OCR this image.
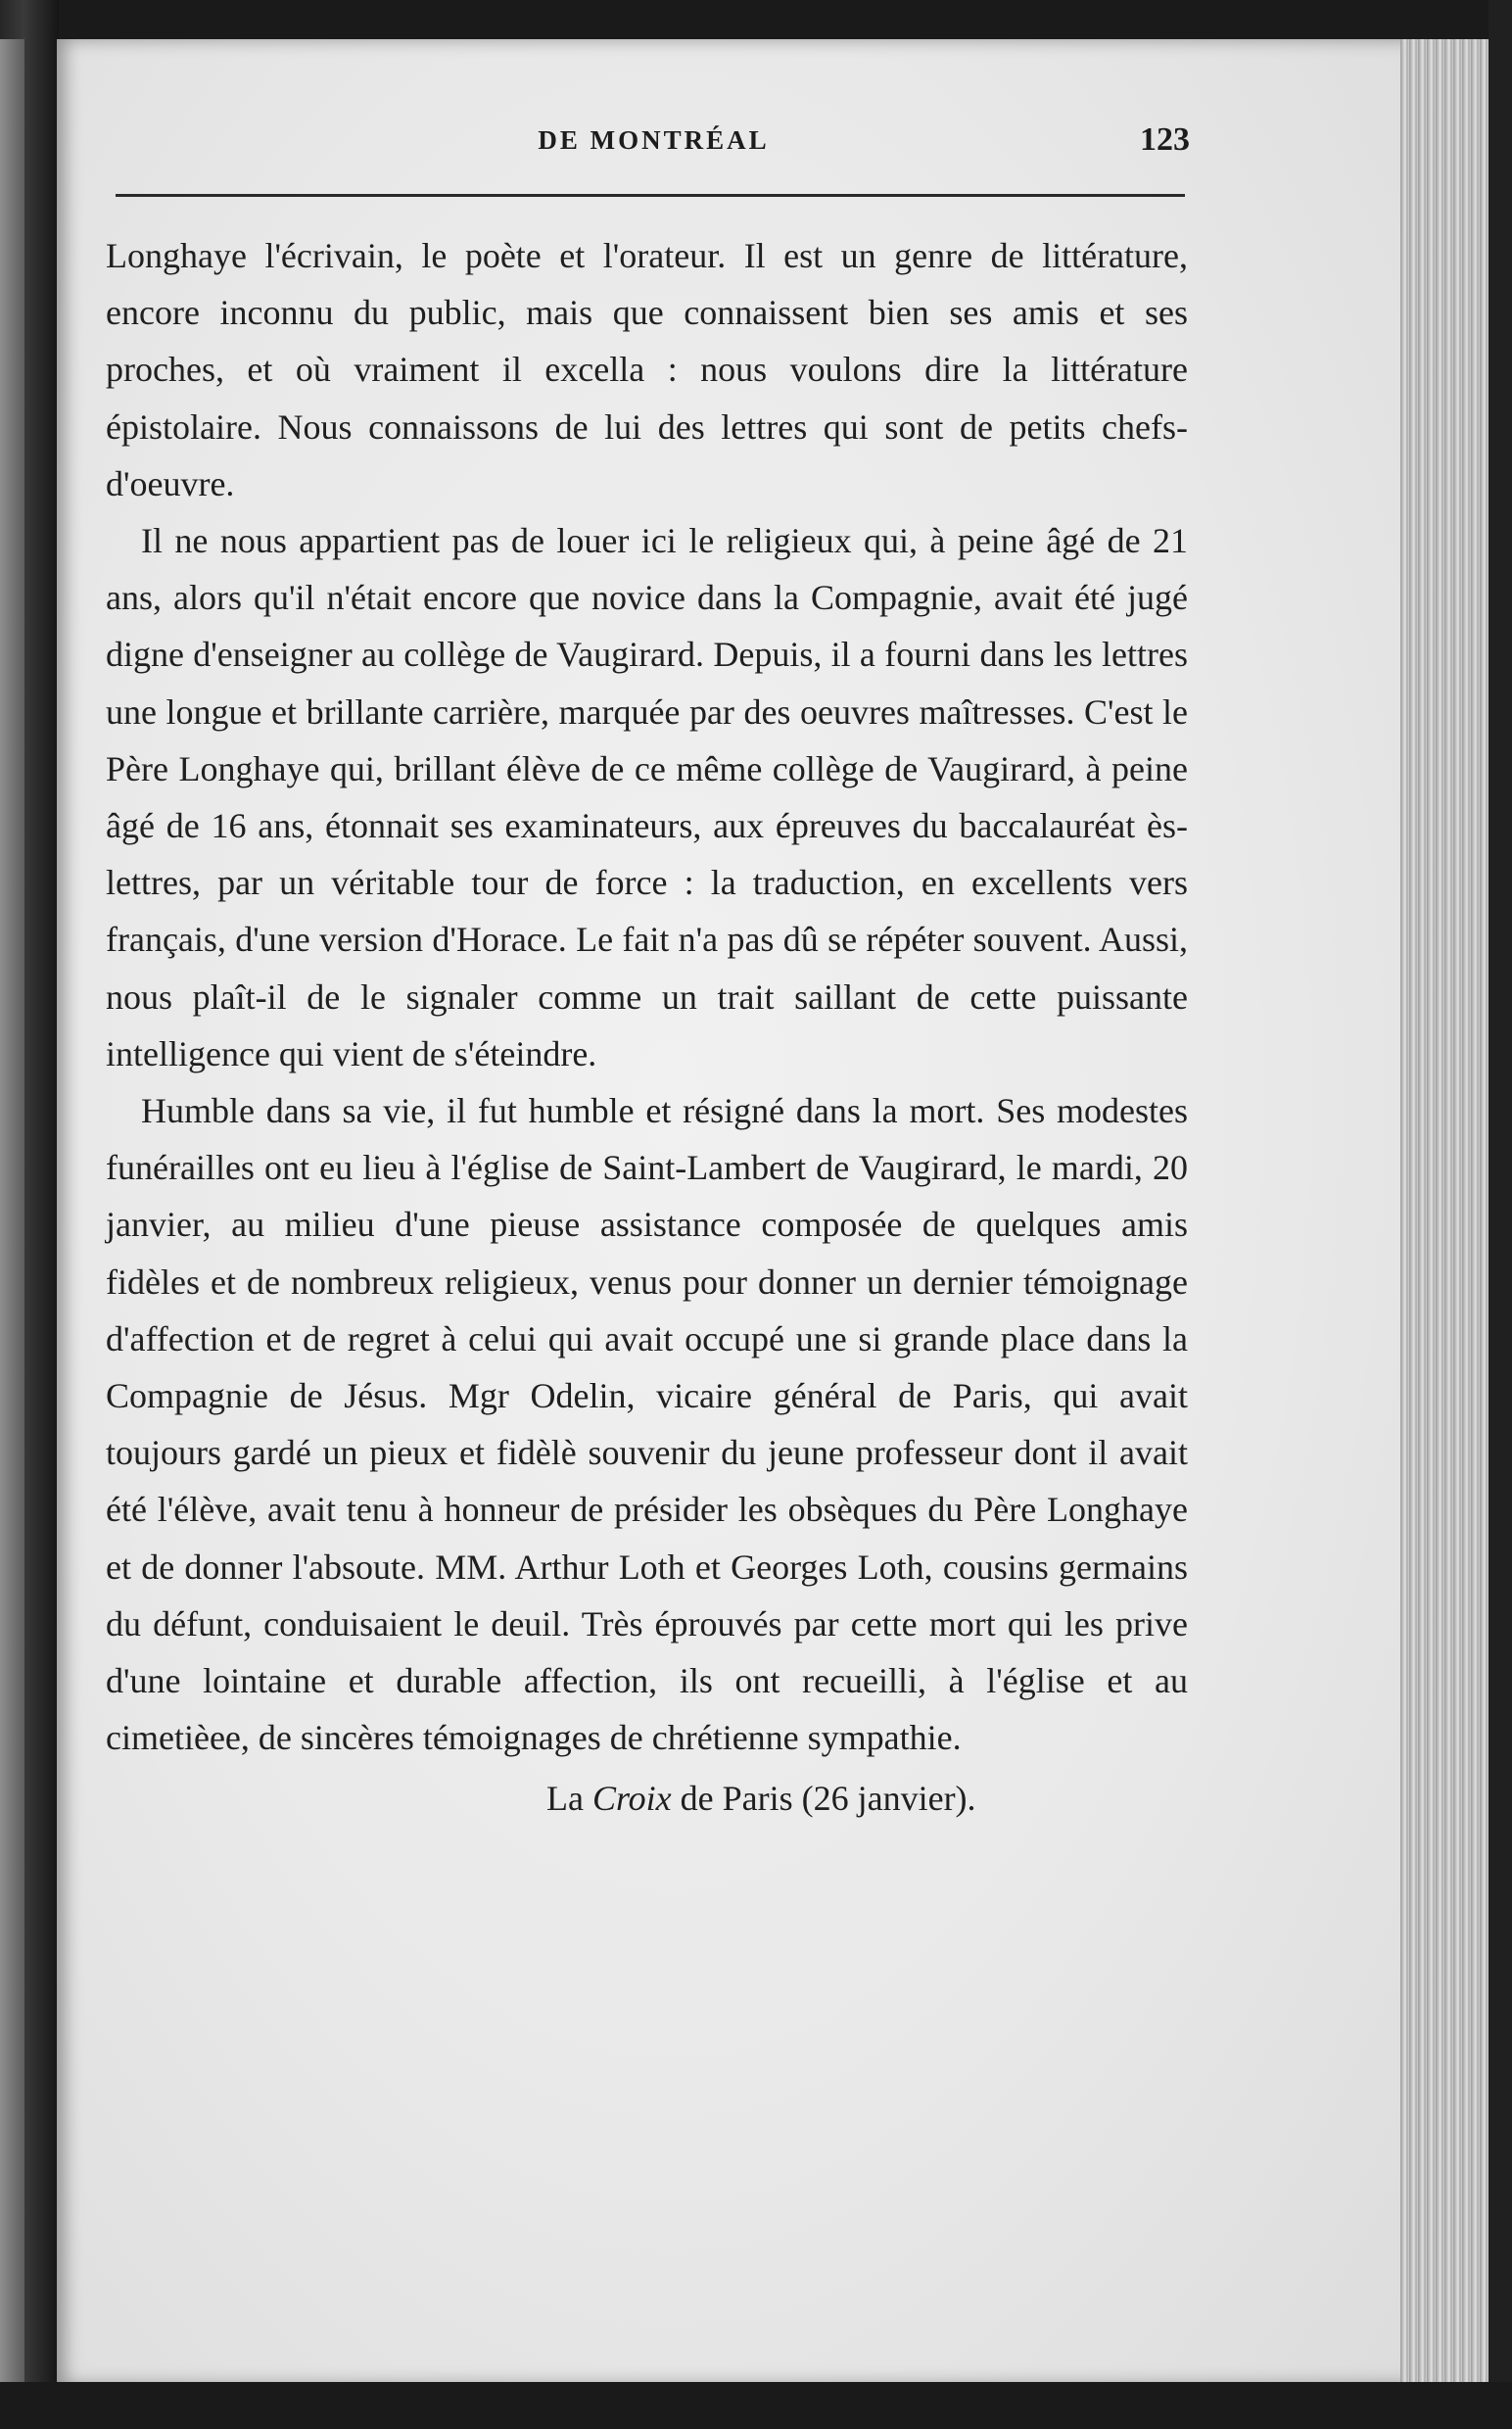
DE MONTRÉAL	123

Longhaye l'écrivain, le poète et l'orateur. Il est un genre de littérature, encore inconnu du public, mais que connaissent bien ses amis et ses proches, et où vraiment il excella : nous voulons dire la littérature épistolaire. Nous connaissons de lui des lettres qui sont de petits chefs-d'oeuvre.

Il ne nous appartient pas de louer ici le religieux qui, à peine âgé de 21 ans, alors qu'il n'était encore que novice dans la Compagnie, avait été jugé digne d'enseigner au collège de Vaugirard. Depuis, il a fourni dans les lettres une longue et brillante carrière, marquée par des oeuvres maîtresses. C'est le Père Longhaye qui, brillant élève de ce même collège de Vaugirard, à peine âgé de 16 ans, étonnait ses examinateurs, aux épreuves du baccalauréat ès-lettres, par un véritable tour de force : la traduction, en excellents vers français, d'une version d'Horace. Le fait n'a pas dû se répéter souvent. Aussi, nous plaît-il de le signaler comme un trait saillant de cette puissante intelligence qui vient de s'éteindre.

Humble dans sa vie, il fut humble et résigné dans la mort. Ses modestes funérailles ont eu lieu à l'église de Saint-Lambert de Vaugirard, le mardi, 20 janvier, au milieu d'une pieuse assistance composée de quelques amis fidèles et de nombreux religieux, venus pour donner un dernier témoignage d'affection et de regret à celui qui avait occupé une si grande place dans la Compagnie de Jésus. Mgr Odelin, vicaire général de Paris, qui avait toujours gardé un pieux et fidèlè souvenir du jeune professeur dont il avait été l'élève, avait tenu à honneur de présider les obsèques du Père Longhaye et de donner l'absoute. MM. Arthur Loth et Georges Loth, cousins germains du défunt, conduisaient le deuil. Très éprouvés par cette mort qui les prive d'une lointaine et durable affection, ils ont recueilli, à l'église et au cimetièee, de sincères témoignages de chrétienne sympathie.

La Croix de Paris (26 janvier).
